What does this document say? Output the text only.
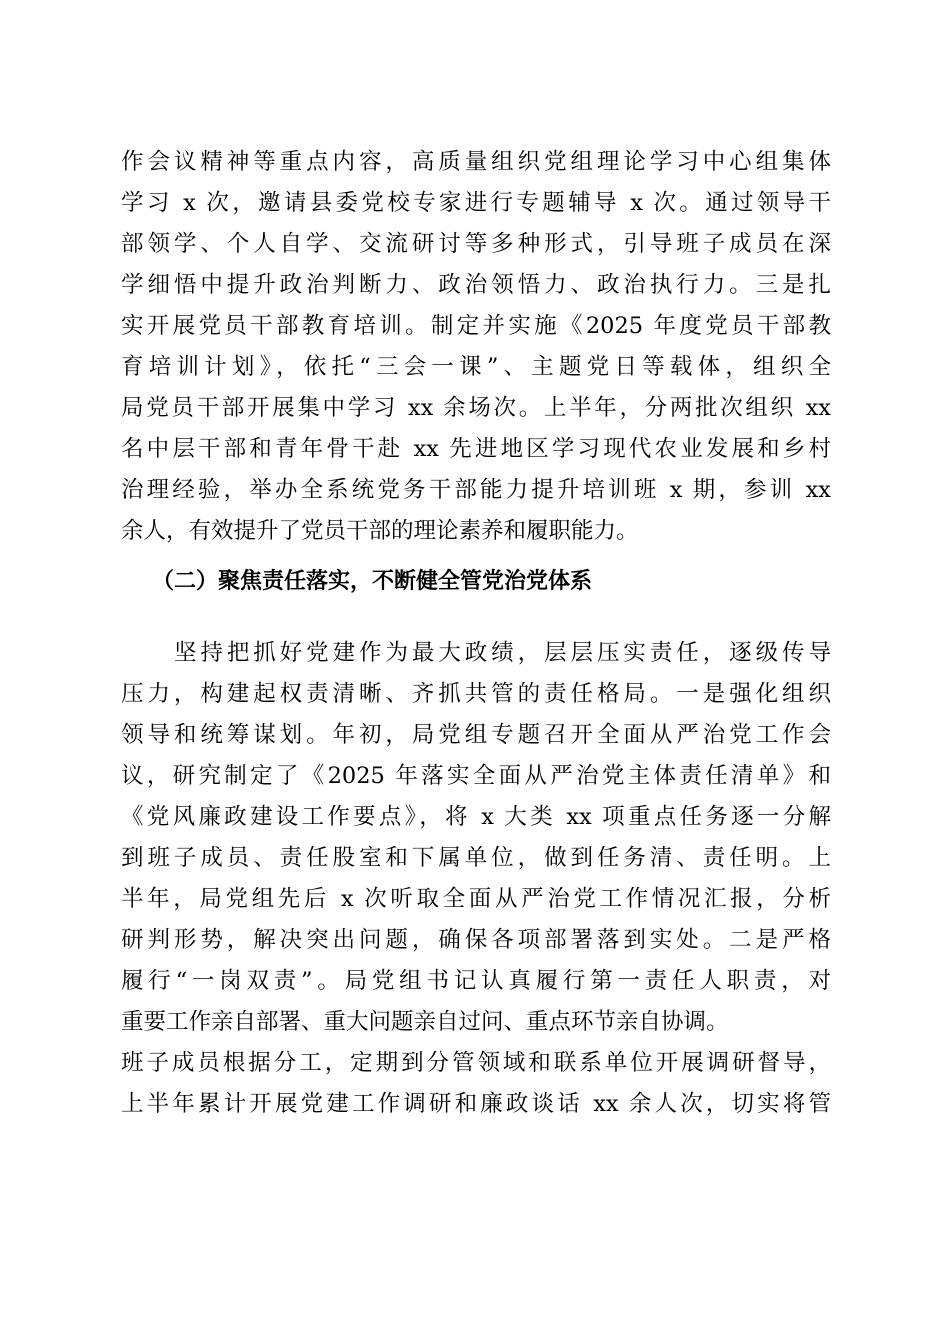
作会议精神等重点内容，高质量组织党组理论学习中心组集体
学习 x 次，邀请县委党校专家进行专题辅导 x 次。通过领导干
部领学、个人自学、交流研讨等多种形式，引导班子成员在深
学细悟中提升政治判断力、政治领悟力、政治执行力。三是扎
实开展党员干部教育培训。制定并实施《2025 年度党员干部教
育培训计划》，依托“三会一课”、主题党日等载体，组织全
局党员干部开展集中学习 xx 余场次。上半年，分两批次组织 xx
名中层干部和青年骨干赴 xx 先进地区学习现代农业发展和乡村
治理经验，举办全系统党务干部能力提升培训班 x 期，参训 xx
余人，有效提升了党员干部的理论素养和履职能力。
（二）聚焦责任落实，不断健全管党治党体系
坚持把抓好党建作为最大政绩，层层压实责任，逐级传导
压力，构建起权责清晰、齐抓共管的责任格局。一是强化组织
领导和统筹谋划。年初，局党组专题召开全面从严治党工作会
议，研究制定了《2025 年落实全面从严治党主体责任清单》和
《党风廉政建设工作要点》，将 x 大类 xx 项重点任务逐一分解
到班子成员、责任股室和下属单位，做到任务清、责任明。上
半年，局党组先后 x 次听取全面从严治党工作情况汇报，分析
研判形势，解决突出问题，确保各项部署落到实处。二是严格
履行“一岗双责”。局党组书记认真履行第一责任人职责，对
重要工作亲自部署、重大问题亲自过问、重点环节亲自协调。
班子成员根据分工，定期到分管领域和联系单位开展调研督导，
上半年累计开展党建工作调研和廉政谈话 xx 余人次，切实将管
